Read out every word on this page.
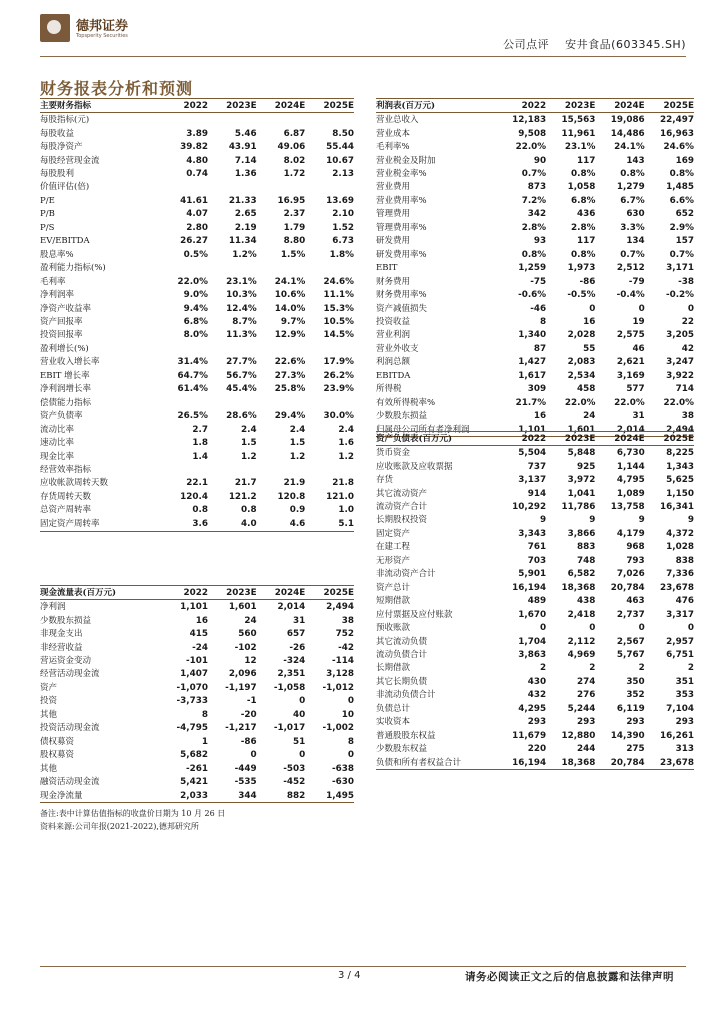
德邦证券
Topsperity Securities
公司点评 安井食品(603345.SH)
财务报表分析和预测
主要财务指标	2022	2023E	2024E	2025E
每股指标(元)				
每股收益	3.89	5.46	6.87	8.50
每股净资产	39.82	43.91	49.06	55.44
每股经营现金流	4.80	7.14	8.02	10.67
每股股利	0.74	1.36	1.72	2.13
价值评估(倍)				
P/E	41.61	21.33	16.95	13.69
P/B	4.07	2.65	2.37	2.10
P/S	2.80	2.19	1.79	1.52
EV/EBITDA	26.27	11.34	8.80	6.73
股息率%	0.5%	1.2%	1.5%	1.8%
盈利能力指标(%)				
毛利率	22.0%	23.1%	24.1%	24.6%
净利润率	9.0%	10.3%	10.6%	11.1%
净资产收益率	9.4%	12.4%	14.0%	15.3%
资产回报率	6.8%	8.7%	9.7%	10.5%
投资回报率	8.0%	11.3%	12.9%	14.5%
盈利增长(%)				
营业收入增长率	31.4%	27.7%	22.6%	17.9%
EBIT 增长率	64.7%	56.7%	27.3%	26.2%
净利润增长率	61.4%	45.4%	25.8%	23.9%
偿债能力指标				
资产负债率	26.5%	28.6%	29.4%	30.0%
流动比率	2.7	2.4	2.4	2.4
速动比率	1.8	1.5	1.5	1.6
现金比率	1.4	1.2	1.2	1.2
经营效率指标				
应收帐款周转天数	22.1	21.7	21.9	21.8
存货周转天数	120.4	121.2	120.8	121.0
总资产周转率	0.8	0.8	0.9	1.0
固定资产周转率	3.6	4.0	4.6	5.1
利润表(百万元)	2022	2023E	2024E	2025E
营业总收入	12,183	15,563	19,086	22,497
营业成本	9,508	11,961	14,486	16,963
毛利率%	22.0%	23.1%	24.1%	24.6%
营业税金及附加	90	117	143	169
营业税金率%	0.7%	0.8%	0.8%	0.8%
营业费用	873	1,058	1,279	1,485
营业费用率%	7.2%	6.8%	6.7%	6.6%
管理费用	342	436	630	652
管理费用率%	2.8%	2.8%	3.3%	2.9%
研发费用	93	117	134	157
研发费用率%	0.8%	0.8%	0.7%	0.7%
EBIT	1,259	1,973	2,512	3,171
财务费用	-75	-86	-79	-38
财务费用率%	-0.6%	-0.5%	-0.4%	-0.2%
资产减值损失	-46	0	0	0
投资收益	8	16	19	22
营业利润	1,340	2,028	2,575	3,205
营业外收支	87	55	46	42
利润总额	1,427	2,083	2,621	3,247
EBITDA	1,617	2,534	3,169	3,922
所得税	309	458	577	714
有效所得税率%	21.7%	22.0%	22.0%	22.0%
少数股东损益	16	24	31	38
归属母公司所有者净利润	1,101	1,601	2,014	2,494
资产负债表(百万元)	2022	2023E	2024E	2025E
货币资金	5,504	5,848	6,730	8,225
应收账款及应收票据	737	925	1,144	1,343
存货	3,137	3,972	4,795	5,625
其它流动资产	914	1,041	1,089	1,150
流动资产合计	10,292	11,786	13,758	16,341
长期股权投资	9	9	9	9
固定资产	3,343	3,866	4,179	4,372
在建工程	761	883	968	1,028
无形资产	703	748	793	838
非流动资产合计	5,901	6,582	7,026	7,336
资产总计	16,194	18,368	20,784	23,678
短期借款	489	438	463	476
应付票据及应付账款	1,670	2,418	2,737	3,317
预收账款	0	0	0	0
其它流动负债	1,704	2,112	2,567	2,957
流动负债合计	3,863	4,969	5,767	6,751
长期借款	2	2	2	2
其它长期负债	430	274	350	351
非流动负债合计	432	276	352	353
负债总计	4,295	5,244	6,119	7,104
实收资本	293	293	293	293
普通股股东权益	11,679	12,880	14,390	16,261
少数股东权益	220	244	275	313
负债和所有者权益合计	16,194	18,368	20,784	23,678
现金流量表(百万元)	2022	2023E	2024E	2025E
净利润	1,101	1,601	2,014	2,494
少数股东损益	16	24	31	38
非现金支出	415	560	657	752
非经营收益	-24	-102	-26	-42
营运资金变动	-101	12	-324	-114
经营活动现金流	1,407	2,096	2,351	3,128
资产	-1,070	-1,197	-1,058	-1,012
投资	-3,733	-1	0	0
其他	8	-20	40	10
投资活动现金流	-4,795	-1,217	-1,017	-1,002
债权募资	1	-86	51	8
股权募资	5,682	0	0	0
其他	-261	-449	-503	-638
融资活动现金流	5,421	-535	-452	-630
现金净流量	2,033	344	882	1,495
备注:表中计算估值指标的收盘价日期为 10 月 26 日
资料来源:公司年报(2021-2022),德邦研究所
3 / 4	请务必阅读正文之后的信息披露和法律声明
